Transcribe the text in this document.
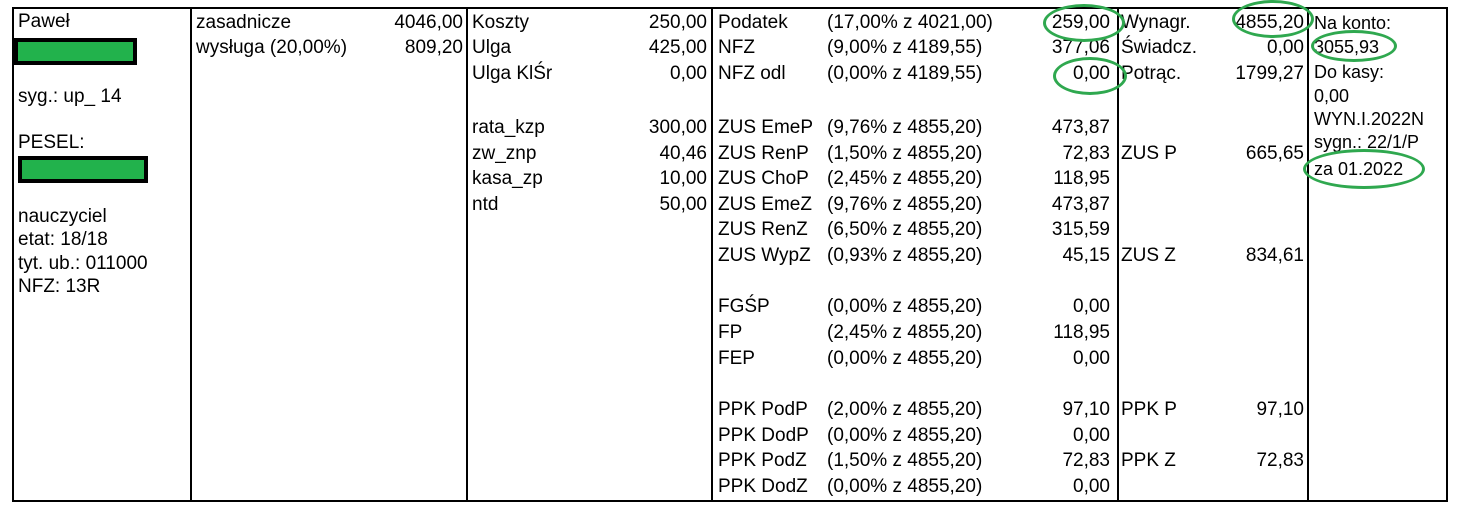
Paweł
syg.: up_ 14
PESEL:
nauczyciel
etat: 18/18
tyt. ub.: 011000
NFZ: 13R
zasadnicze	4046,00
wysługa (20,00%)	809,20
Koszty	250,00
Ulga	425,00
Ulga KlŚr	0,00
rata_kzp	300,00
zw_znp	40,46
kasa_zp	10,00
ntd	50,00
Podatek (17,00% z 4021,00)	259,00
NFZ	(9,00% z 4189,55)	377,06
NFZ odl (0,00% z 4189,55)	0,00
ZUS EmeP (9,76% z 4855,20)	473,87
ZUS RenP (1,50% z 4855,20)	72,83
ZUS ChoP (2,45% z 4855,20)	118,95
ZUS EmeZ (9,76% z 4855,20)	473,87
ZUS RenZ (6,50% z 4855,20)	315,59
ZUS WypZ (0,93% z 4855,20)	45,15
FGŚP	(0,00% z 4855,20)	0,00
FP	(2,45% z 4855,20)	118,95
FEP	(0,00% z 4855,20)	0,00
PPK PodP (2,00% z 4855,20)	97,10
PPK DodP (0,00% z 4855,20)	0,00
PPK PodZ (1,50% z 4855,20)	72,83
PPK DodZ (0,00% z 4855,20)	0,00
Wynagr. 4855,20
Świadcz.	0,00
Potrąc.	1799,27
ZUS P	665,65
ZUS Z	834,61
PPK P	97,10
PPK Z	72,83
Na konto:
3055,93
Do kasy:
0,00
WYN.I.2022N
sygn.: 22/1/P
za 01.2022
